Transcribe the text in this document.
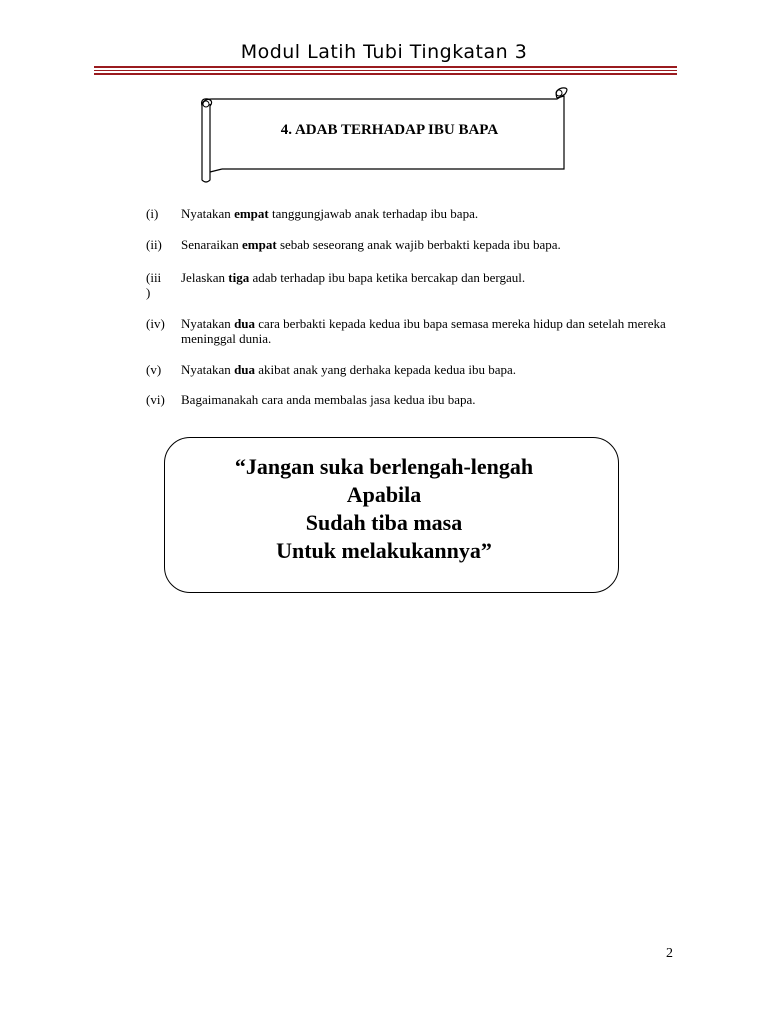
Modul Latih Tubi Tingkatan 3
4. ADAB TERHADAP IBU BAPA
(i)	Nyatakan empat tanggungjawab anak terhadap ibu bapa.
(ii)	Senaraikan empat sebab seseorang anak wajib berbakti kepada ibu bapa.
(iii
)
Jelaskan tiga adab terhadap ibu bapa ketika bercakap dan bergaul.
(iv)	Nyatakan dua cara berbakti kepada kedua ibu bapa semasa mereka hidup dan setelah mereka meninggal dunia.
(v)	Nyatakan dua akibat anak yang derhaka kepada kedua ibu bapa.
(vi)	Bagaimanakah cara anda membalas jasa kedua ibu bapa.
“Jangan suka berlengah-lengah
Apabila
Sudah tiba masa
Untuk melakukannya”
2
